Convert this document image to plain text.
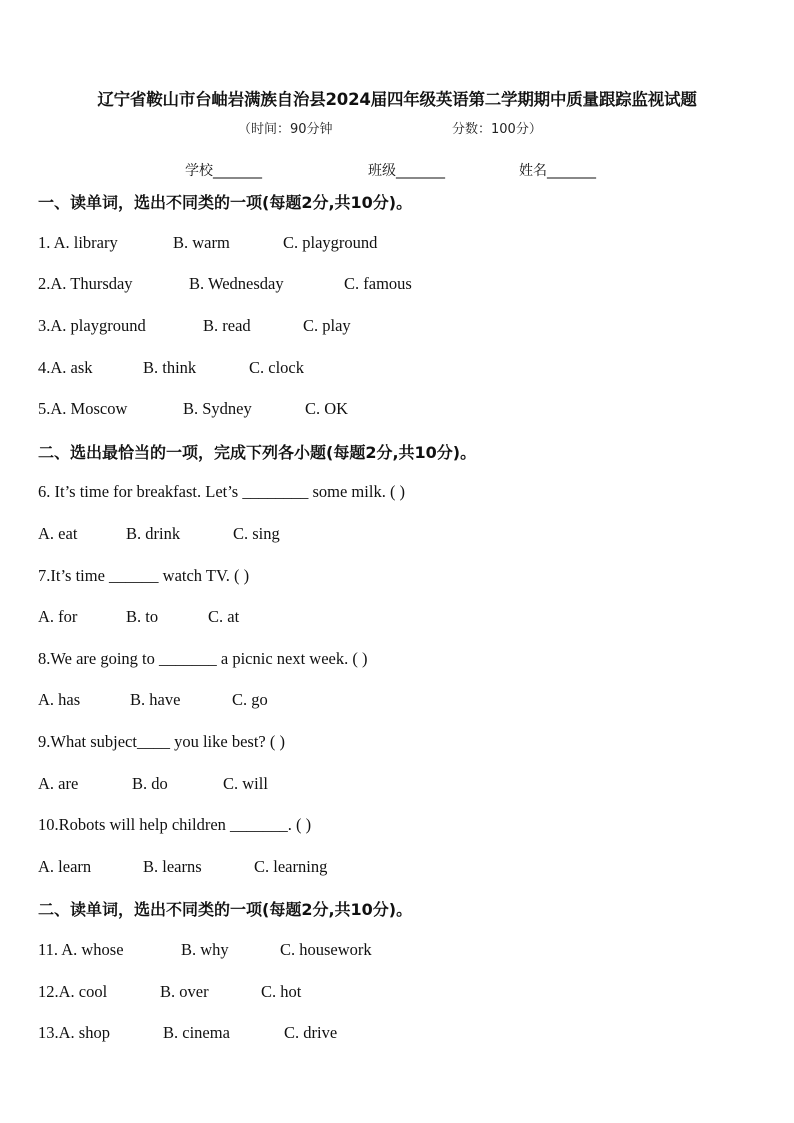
辽宁省鞍山市台岫岩满族自治县2024届四年级英语第二学期期中质量跟踪监视试题
（时间：90分钟	分数：100分）
学校_______	班级_______	姓名_______
一、读单词，选出不同类的一项(每题2分,共10分)。
1. A. library	B. warm	C. playground
2.A. Thursday	B. Wednesday	C. famous
3.A. playground	B. read	C. play
4.A. ask	B. think	C. clock
5.A. Moscow	B. Sydney	C. OK
二、选出最恰当的一项，完成下列各小题(每题2分,共10分)。
6. It’s time for breakfast. Let’s ________ some milk. ( )
A. eat	B. drink	C. sing
7.It’s time ______ watch TV. ( )
A. for	B. to	C. at
8.We are going to _______ a picnic next week. ( )
A. has	B. have	C. go
9.What subject____ you like best? ( )
A. are	B. do	C. will
10.Robots will help children _______. ( )
A. learn	B. learns	C. learning
二、读单词，选出不同类的一项(每题2分,共10分)。
11. A. whose	B. why	C. housework
12.A. cool	B. over	C. hot
13.A. shop	B. cinema	C. drive
